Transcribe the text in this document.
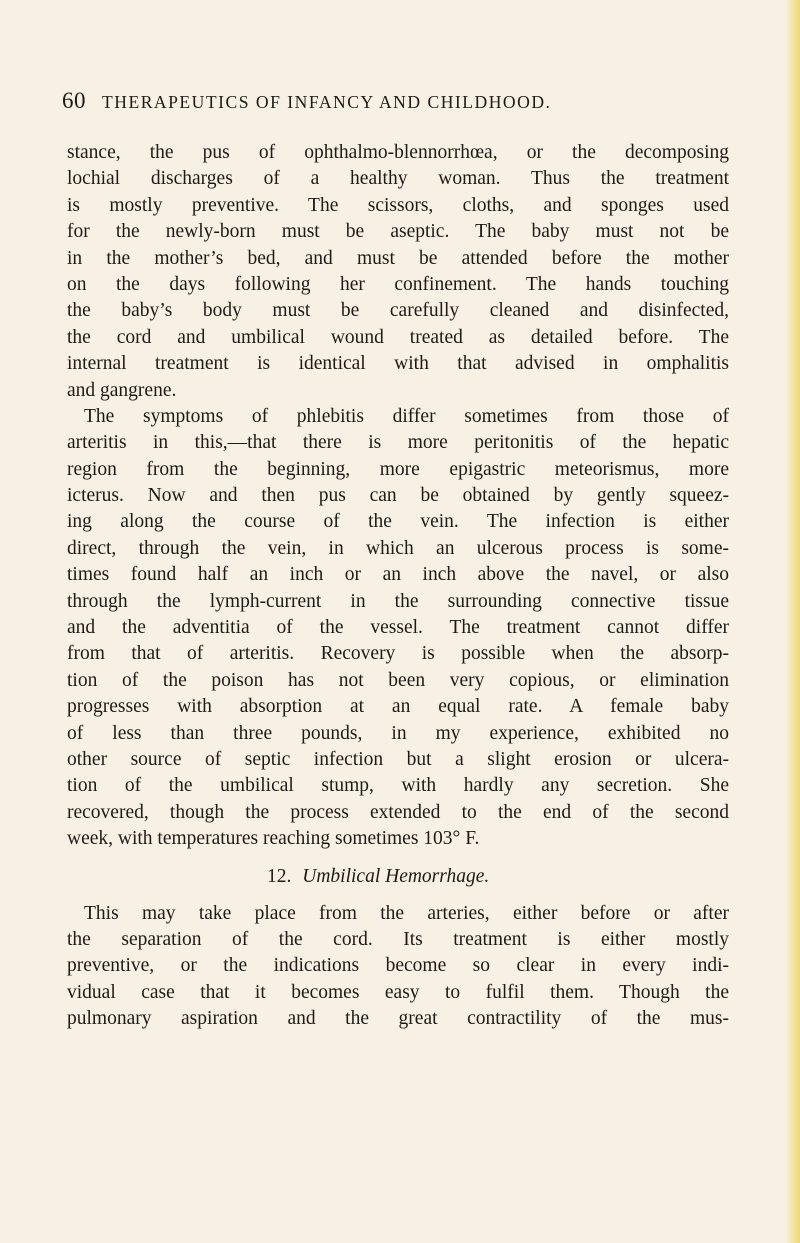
60 THERAPEUTICS OF INFANCY AND CHILDHOOD.
stance, the pus of ophthalmo-blennorrhœa, or the decomposing
lochial discharges of a healthy woman. Thus the treatment
is mostly preventive. The scissors, cloths, and sponges used
for the newly-born must be aseptic. The baby must not be
in the mother’s bed, and must be attended before the mother
on the days following her confinement. The hands touching
the baby’s body must be carefully cleaned and disinfected,
the cord and umbilical wound treated as detailed before. The
internal treatment is identical with that advised in omphalitis
and gangrene.
The symptoms of phlebitis differ sometimes from those of
arteritis in this,—that there is more peritonitis of the hepatic
region from the beginning, more epigastric meteorismus, more
icterus. Now and then pus can be obtained by gently squeez-
ing along the course of the vein. The infection is either
direct, through the vein, in which an ulcerous process is some-
times found half an inch or an inch above the navel, or also
through the lymph-current in the surrounding connective tissue
and the adventitia of the vessel. The treatment cannot differ
from that of arteritis. Recovery is possible when the absorp-
tion of the poison has not been very copious, or elimination
progresses with absorption at an equal rate. A female baby
of less than three pounds, in my experience, exhibited no
other source of septic infection but a slight erosion or ulcera-
tion of the umbilical stump, with hardly any secretion. She
recovered, though the process extended to the end of the second
week, with temperatures reaching sometimes 103° F.
12. Umbilical Hemorrhage.
This may take place from the arteries, either before or after
the separation of the cord. Its treatment is either mostly
preventive, or the indications become so clear in every indi-
vidual case that it becomes easy to fulfil them. Though the
pulmonary aspiration and the great contractility of the mus-
